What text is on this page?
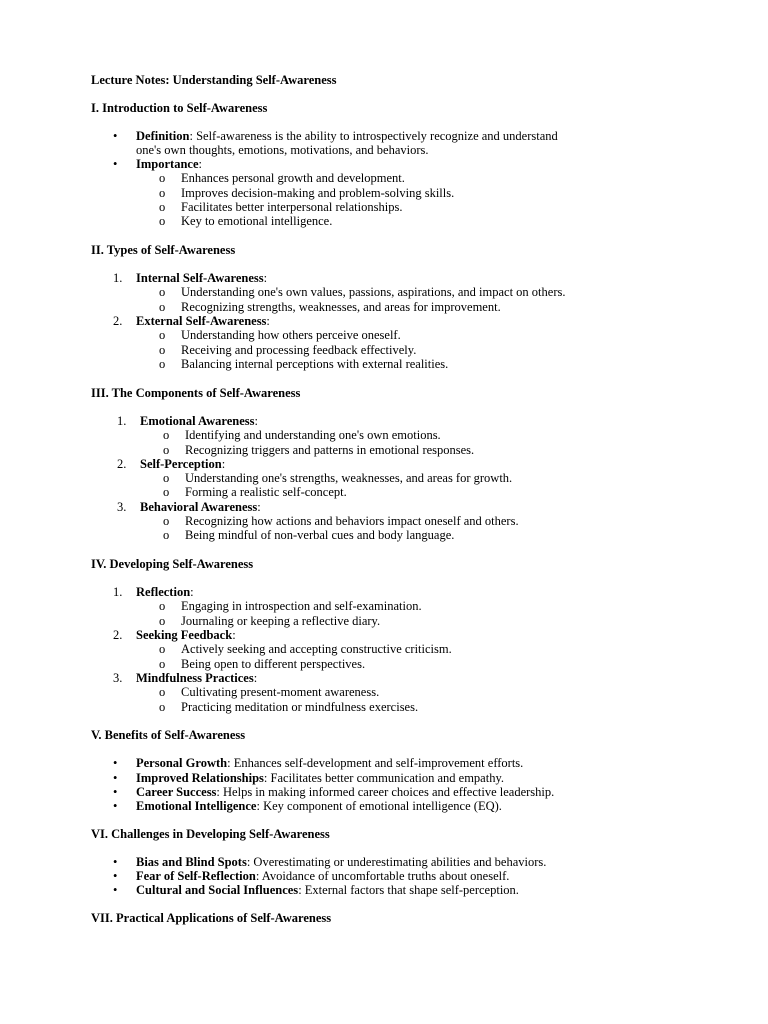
Lecture Notes: Understanding Self-Awareness
I. Introduction to Self-Awareness
• Definition: Self-awareness is the ability to introspectively recognize and understand
one's own thoughts, emotions, motivations, and behaviors.
• Importance:
o Enhances personal growth and development.
o Improves decision-making and problem-solving skills.
o Facilitates better interpersonal relationships.
o Key to emotional intelligence.
II. Types of Self-Awareness
1. Internal Self-Awareness:
o Understanding one's own values, passions, aspirations, and impact on others.
o Recognizing strengths, weaknesses, and areas for improvement.
2. External Self-Awareness:
o Understanding how others perceive oneself.
o Receiving and processing feedback effectively.
o Balancing internal perceptions with external realities.
III. The Components of Self-Awareness
1. Emotional Awareness:
o Identifying and understanding one's own emotions.
o Recognizing triggers and patterns in emotional responses.
2. Self-Perception:
o Understanding one's strengths, weaknesses, and areas for growth.
o Forming a realistic self-concept.
3. Behavioral Awareness:
o Recognizing how actions and behaviors impact oneself and others.
o Being mindful of non-verbal cues and body language.
IV. Developing Self-Awareness
1. Reflection:
o Engaging in introspection and self-examination.
o Journaling or keeping a reflective diary.
2. Seeking Feedback:
o Actively seeking and accepting constructive criticism.
o Being open to different perspectives.
3. Mindfulness Practices:
o Cultivating present-moment awareness.
o Practicing meditation or mindfulness exercises.
V. Benefits of Self-Awareness
• Personal Growth: Enhances self-development and self-improvement efforts.
• Improved Relationships: Facilitates better communication and empathy.
• Career Success: Helps in making informed career choices and effective leadership.
• Emotional Intelligence: Key component of emotional intelligence (EQ).
VI. Challenges in Developing Self-Awareness
• Bias and Blind Spots: Overestimating or underestimating abilities and behaviors.
• Fear of Self-Reflection: Avoidance of uncomfortable truths about oneself.
• Cultural and Social Influences: External factors that shape self-perception.
VII. Practical Applications of Self-Awareness
